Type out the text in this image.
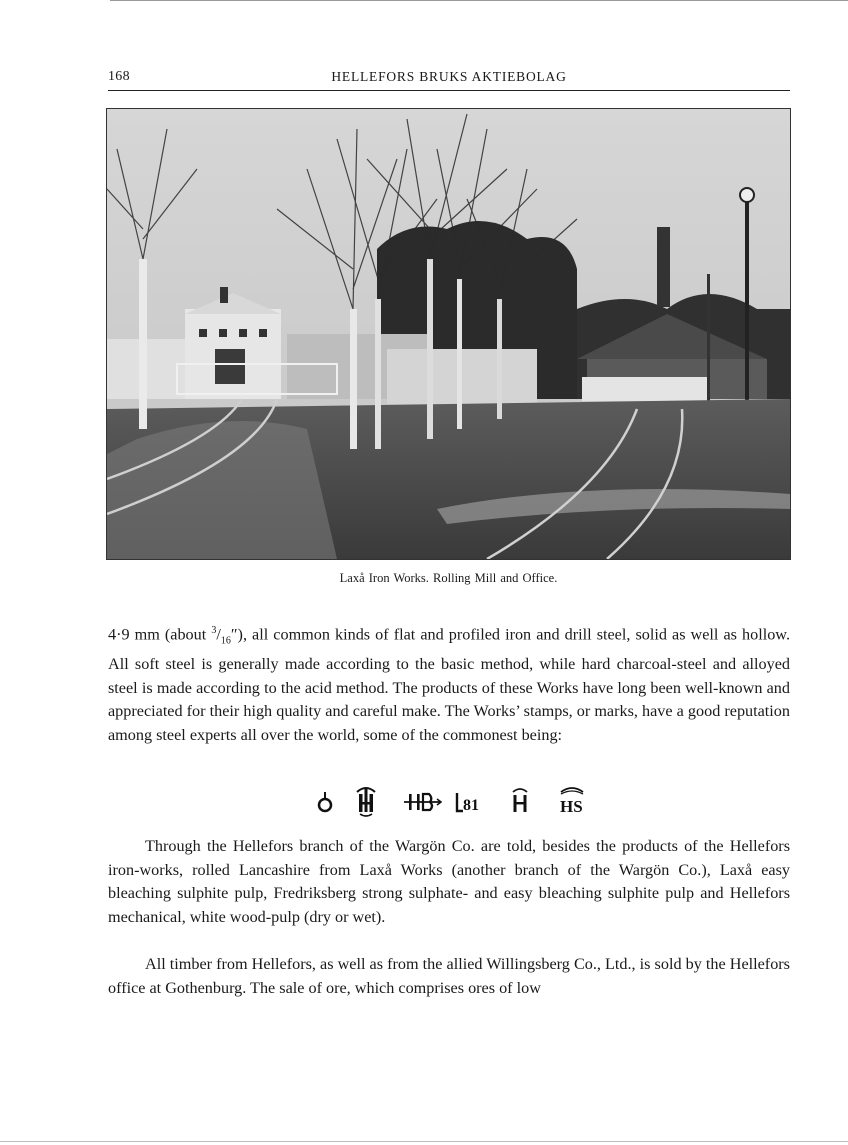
168	HELLEFORS BRUKS AKTIEBOLAG
Laxå Iron Works. Rolling Mill and Office.

4·9 mm (about $^3/_{16}''$), all common kinds of flat and profiled iron and drill steel, solid as well as hollow. All soft steel is generally made according to the basic method, while hard charcoal-steel and alloyed steel is made according to the acid method. The products of these Works have long been well-known and appreciated for their high quality and careful make. The Works’ stamps, or marks, have a good reputation among steel experts all over the world, some of the commonest being:

81	HS

Through the Hellefors branch of the Wargön Co. are told, besides the products of the Hellefors iron-works, rolled Lancashire from Laxå Works (another branch of the Wargön Co.), Laxå easy bleaching sulphite pulp, Fredriksberg strong sulphate- and easy bleaching sulphite pulp and Hellefors mechanical, white wood-pulp (dry or wet).

All timber from Hellefors, as well as from the allied Willingsberg Co., Ltd., is sold by the Hellefors office at Gothenburg. The sale of ore, which comprises ores of low
